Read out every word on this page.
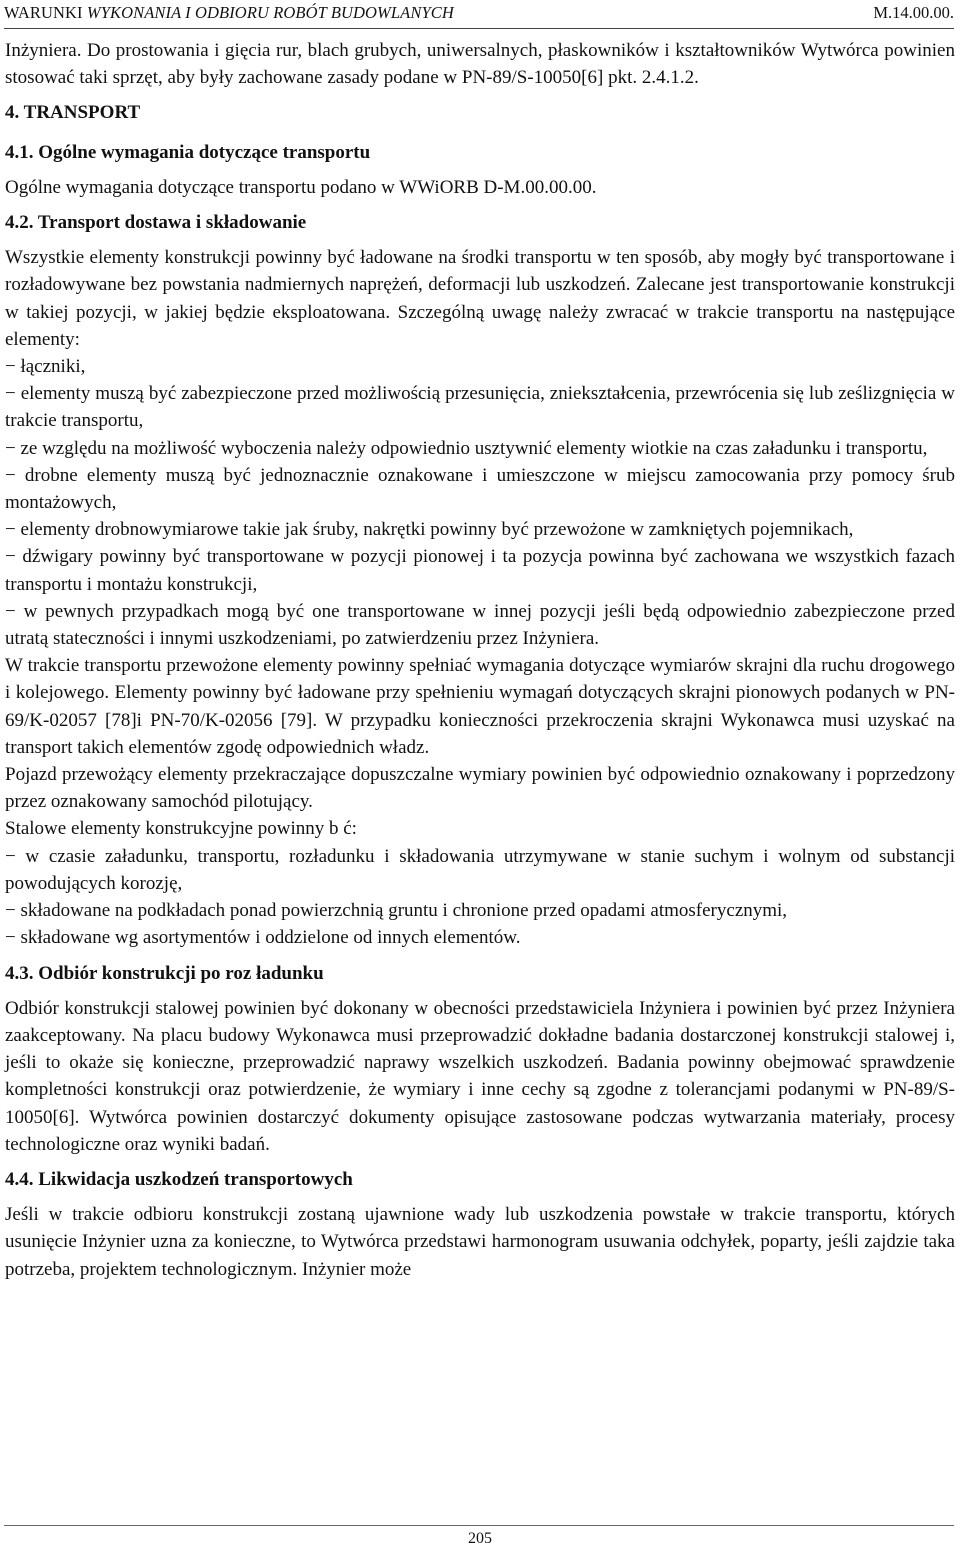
WARUNKI WYKONANIA I ODBIORU ROBÓT BUDOWLANYCH	M.14.00.00.

Inżyniera. Do prostowania i gięcia rur, blach grubych, uniwersalnych, płaskowników i kształtowników Wytwórca powinien stosować taki sprzęt, aby były zachowane zasady podane w PN-89/S-10050[6] pkt. 2.4.1.2.

4. TRANSPORT

4.1. Ogólne wymagania dotyczące transportu

Ogólne wymagania dotyczące transportu podano w WWiORB D-M.00.00.00.

4.2. Transport dostawa i składowanie

Wszystkie elementy konstrukcji powinny być ładowane na środki transportu w ten sposób, aby mogły być transportowane i rozładowywane bez powstania nadmiernych naprężeń, deformacji lub uszkodzeń. Zalecane jest transportowanie konstrukcji w takiej pozycji, w jakiej będzie eksploatowana. Szczególną uwagę należy zwracać w trakcie transportu na następujące elementy:

− łączniki,

− elementy muszą być zabezpieczone przed możliwością przesunięcia, zniekształcenia, przewrócenia się lub ześlizgnięcia w trakcie transportu,

− ze względu na możliwość wyboczenia należy odpowiednio usztywnić elementy wiotkie na czas załadunku i transportu,

− drobne elementy muszą być jednoznacznie oznakowane i umieszczone w miejscu zamocowania przy pomocy śrub montażowych,

− elementy drobnowymiarowe takie jak śruby, nakrętki powinny być przewożone w zamkniętych pojemnikach,

− dźwigary powinny być transportowane w pozycji pionowej i ta pozycja powinna być zachowana we wszystkich fazach transportu i montażu konstrukcji,

− w pewnych przypadkach mogą być one transportowane w innej pozycji jeśli będą odpowiednio zabezpieczone przed utratą stateczności i innymi uszkodzeniami, po zatwierdzeniu przez Inżyniera.

W trakcie transportu przewożone elementy powinny spełniać wymagania dotyczące wymiarów skrajni dla ruchu drogowego i kolejowego. Elementy powinny być ładowane przy spełnieniu wymagań dotyczących skrajni pionowych podanych w PN-69/K-02057 [78]i PN-70/K-02056 [79]. W przypadku konieczności przekroczenia skrajni Wykonawca musi uzyskać na transport takich elementów zgodę odpowiednich władz.

Pojazd przewożący elementy przekraczające dopuszczalne wymiary powinien być odpowiednio oznakowany i poprzedzony przez oznakowany samochód pilotujący.

Stalowe elementy konstrukcyjne powinny b ć:

− w czasie załadunku, transportu, rozładunku i składowania utrzymywane w stanie suchym i wolnym od substancji powodujących korozję,

− składowane na podkładach ponad powierzchnią gruntu i chronione przed opadami atmosferycznymi,

− składowane wg asortymentów i oddzielone od innych elementów.

4.3. Odbiór konstrukcji po roz ładunku

Odbiór konstrukcji stalowej powinien być dokonany w obecności przedstawiciela Inżyniera i powinien być przez Inżyniera zaakceptowany. Na placu budowy Wykonawca musi przeprowadzić dokładne badania dostarczonej konstrukcji stalowej i, jeśli to okaże się konieczne, przeprowadzić naprawy wszelkich uszkodzeń. Badania powinny obejmować sprawdzenie kompletności konstrukcji oraz potwierdzenie, że wymiary i inne cechy są zgodne z tolerancjami podanymi w PN-89/S-10050[6]. Wytwórca powinien dostarczyć dokumenty opisujące zastosowane podczas wytwarzania materiały, procesy technologiczne oraz wyniki badań.

4.4. Likwidacja uszkodzeń transportowych

Jeśli w trakcie odbioru konstrukcji zostaną ujawnione wady lub uszkodzenia powstałe w trakcie transportu, których usunięcie Inżynier uzna za konieczne, to Wytwórca przedstawi harmonogram usuwania odchyłek, poparty, jeśli zajdzie taka potrzeba, projektem technologicznym. Inżynier może

205
